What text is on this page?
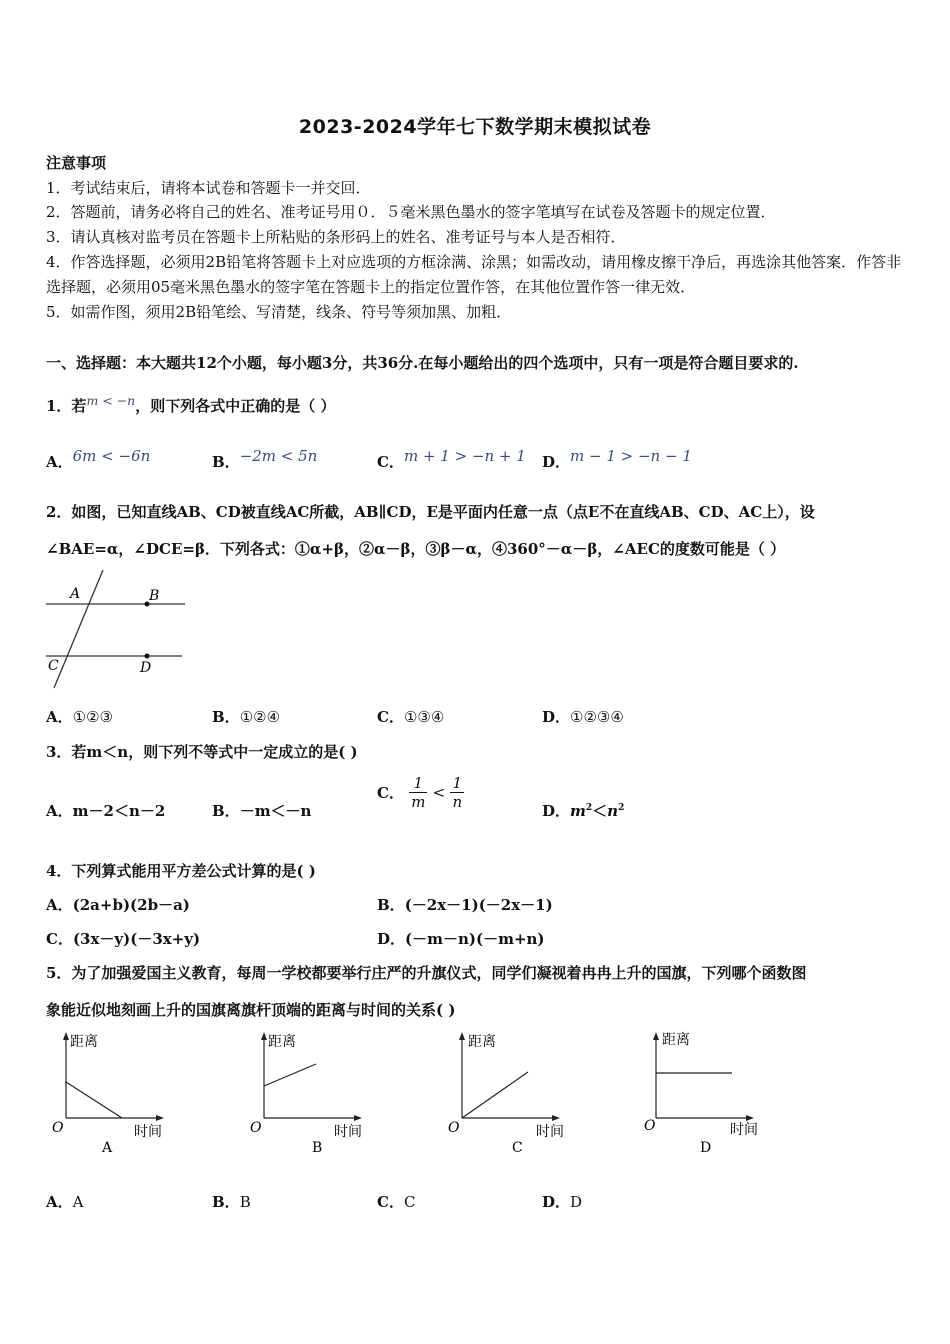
2023-2024学年七下数学期末模拟试卷
注意事项
1．考试结束后，请将本试卷和答题卡一并交回．
2．答题前，请务必将自己的姓名、准考证号用０．５毫米黑色墨水的签字笔填写在试卷及答题卡的规定位置．
3．请认真核对监考员在答题卡上所粘贴的条形码上的姓名、准考证号与本人是否相符．
4．作答选择题，必须用2B铅笔将答题卡上对应选项的方框涂满、涂黑；如需改动，请用橡皮擦干净后，再选涂其他答案．作答非选择题，必须用05毫米黑色墨水的签字笔在答题卡上的指定位置作答，在其他位置作答一律无效．
5．如需作图，须用2B铅笔绘、写清楚，线条、符号等须加黑、加粗．
一、选择题：本大题共12个小题，每小题3分，共36分.在每小题给出的四个选项中，只有一项是符合题目要求的.
1．若$^{m < -n}$，则下列各式中正确的是（ ）
A．$^{6m < -6n}$	B．$^{-2m < 5n}$	C．$^{m + 1 > -n + 1}$ D．$^{m - 1 > -n - 1}$
2．如图，已知直线AB、CD被直线AC所截，AB∥CD，E是平面内任意一点（点E不在直线AB、CD、AC上），设
∠BAE=α，∠DCE=β．下列各式：①α+β，②α－β，③β－α，④360°－α－β，∠AEC的度数可能是（ ）
A	B
C	D
A．①②③	B．①②④	C．①③④	D．①②③④
3．若m＜n，则下列不等式中一定成立的是( )
A．m－2＜n－2	B．－m＜－n
C． $\frac{1}{m} < \frac{1}{n}$	D．$m^2<n^2$
4．下列算式能用平方差公式计算的是( )
A．(2a+b)(2b－a)	B．(－2x－1)(－2x－1)
C．(3x－y)(－3x+y)	D．(－m－n)(－m+n)
5．为了加强爱国主义教育，每周一学校都要举行庄严的升旗仪式，同学们凝视着冉冉上升的国旗，下列哪个函数图
象能近似地刻画上升的国旗离旗杆顶端的距离与时间的关系( )
距离
时间
O
A
距离
时间
O
B
距离
时间
O
C
距离
时间
O
D
A．A	B．B	C．C	D．D
